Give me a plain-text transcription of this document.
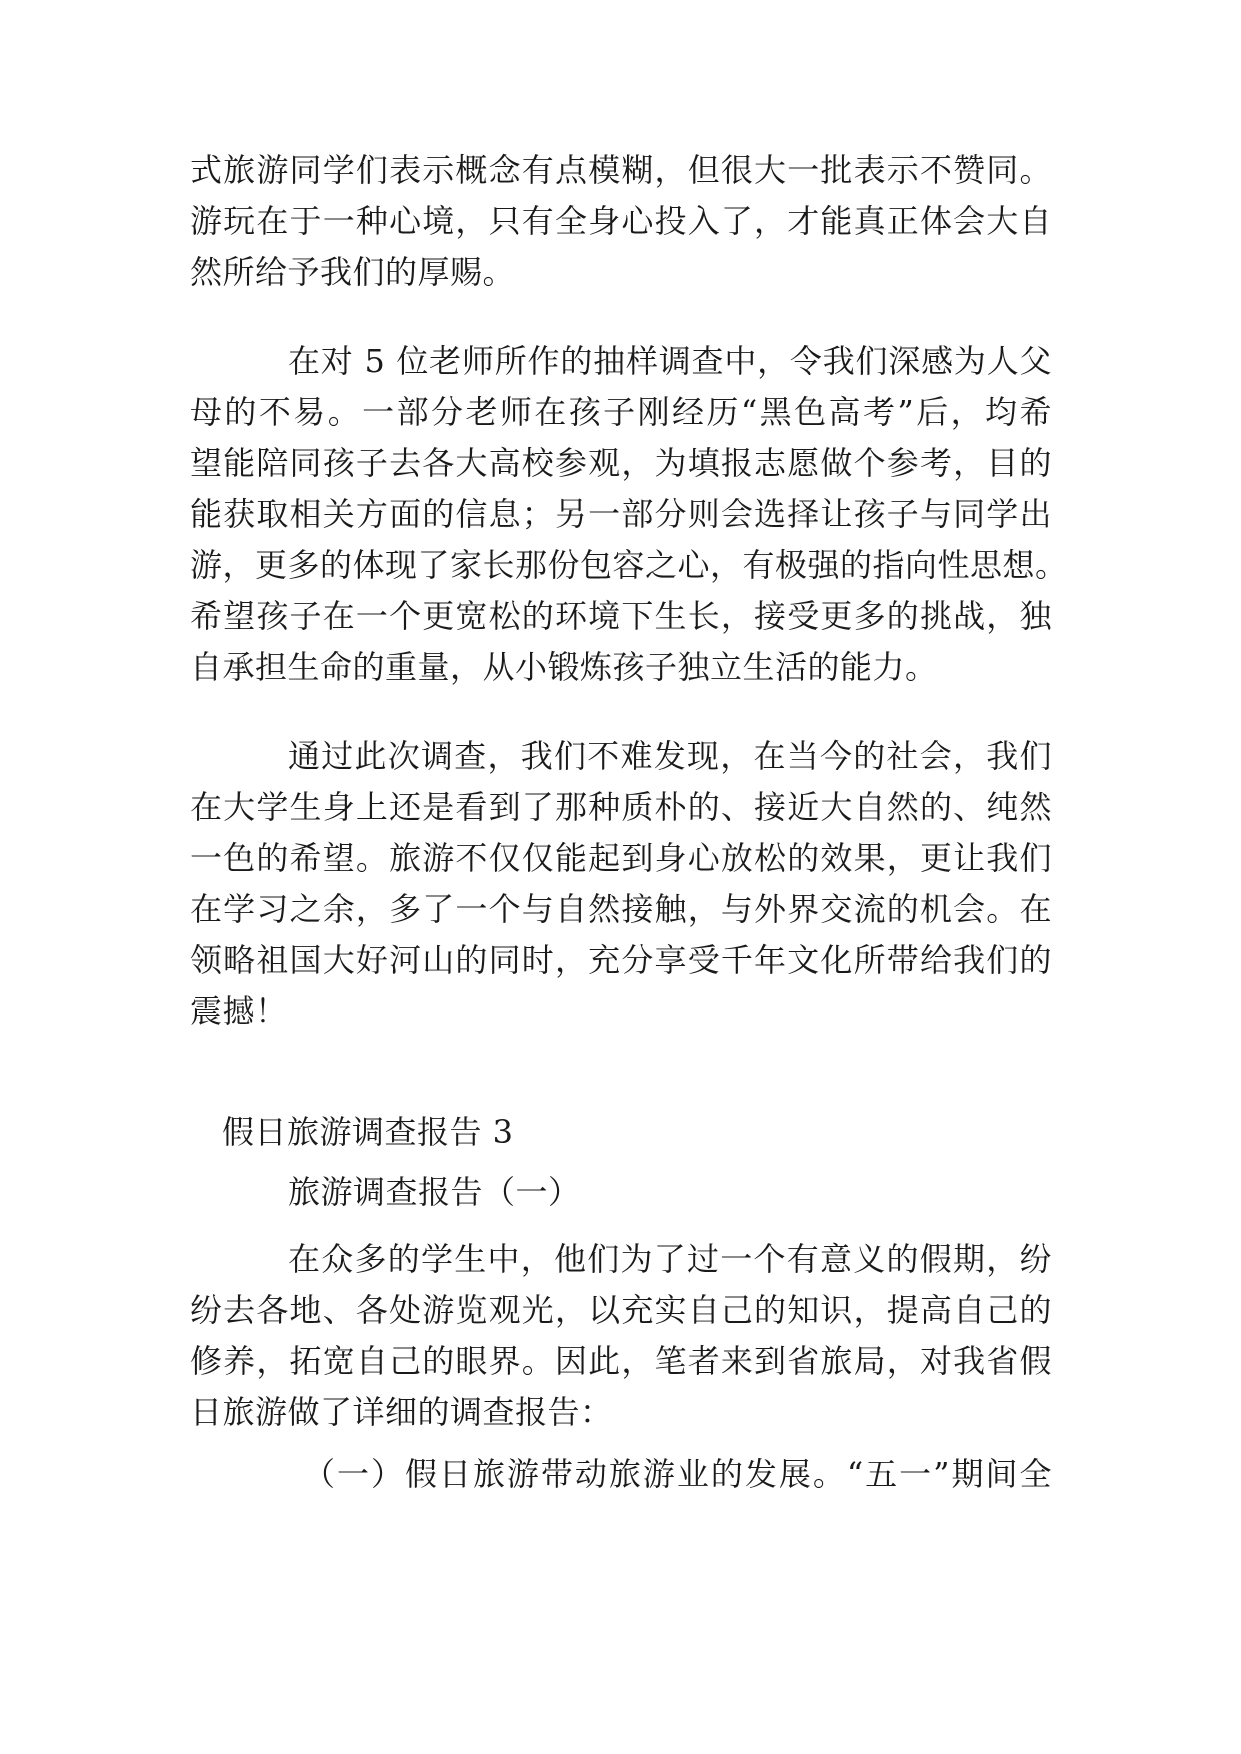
式旅游同学们表示概念有点模糊，但很大一批表示不赞同。

游玩在于一种心境，只有全身心投入了，才能真正体会大自

然所给予我们的厚赐。

在对 5 位老师所作的抽样调查中，令我们深感为人父

母的不易。一部分老师在孩子刚经历“黑色高考”后，均希

望能陪同孩子去各大高校参观，为填报志愿做个参考，目的

能获取相关方面的信息；另一部分则会选择让孩子与同学出

游，更多的体现了家长那份包容之心，有极强的指向性思想。

希望孩子在一个更宽松的环境下生长，接受更多的挑战，独

自承担生命的重量，从小锻炼孩子独立生活的能力。

通过此次调查，我们不难发现，在当今的社会，我们

在大学生身上还是看到了那种质朴的、接近大自然的、纯然

一色的希望。旅游不仅仅能起到身心放松的效果，更让我们

在学习之余，多了一个与自然接触，与外界交流的机会。在

领略祖国大好河山的同时，充分享受千年文化所带给我们的

震撼！

假日旅游调查报告 3

旅游调查报告（一）

在众多的学生中，他们为了过一个有意义的假期，纷

纷去各地、各处游览观光，以充实自己的知识，提高自己的

修养，拓宽自己的眼界。因此，笔者来到省旅局，对我省假

日旅游做了详细的调查报告：

（一）假日旅游带动旅游业的发展。“五一”期间全
